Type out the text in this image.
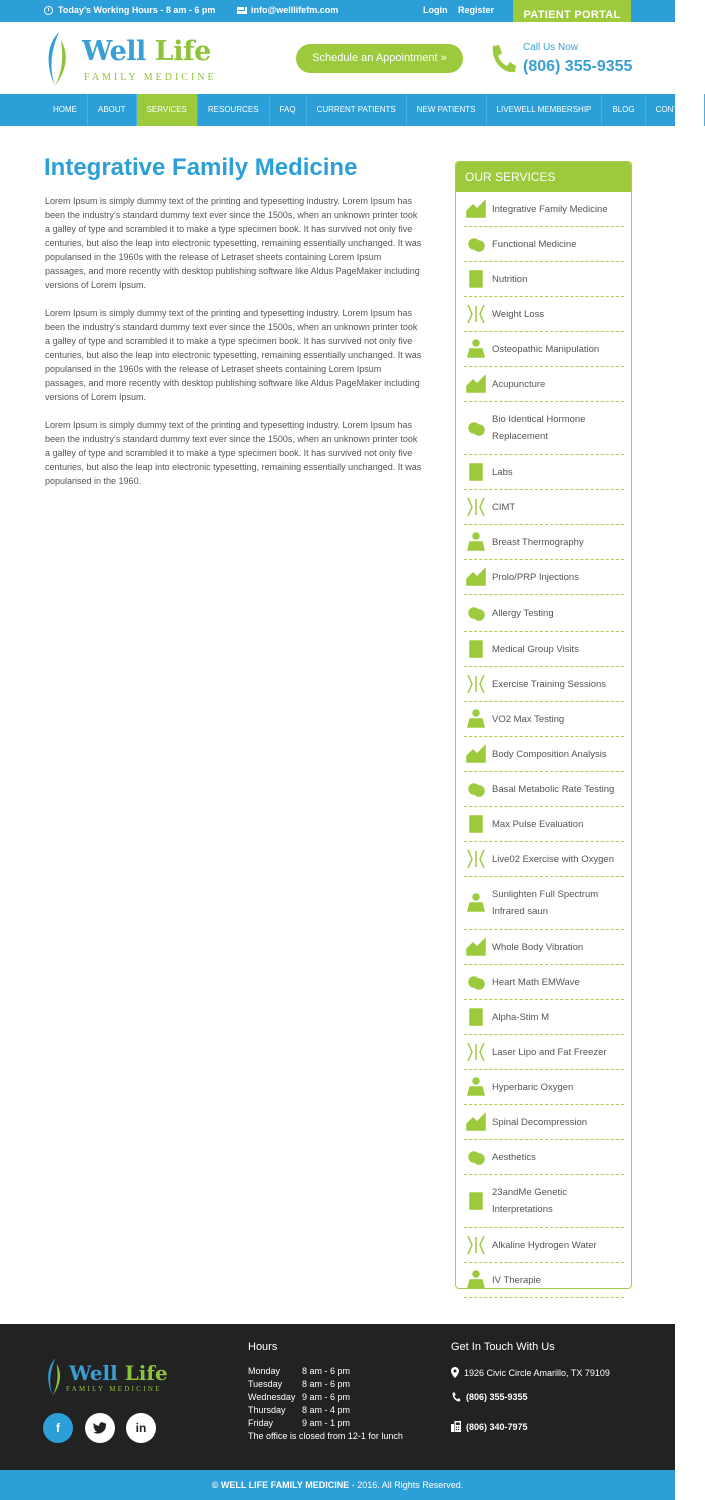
Today's Working Hours - 8 am - 6 pm	info@welllifefm.com	Login Register	PATIENT PORTAL
Well Life
FAMILY MEDICINE
Schedule an Appointment »
Call Us Now
(806) 355-9355
HOME	ABOUT	SERVICES	RESOURCES	FAQ	CURRENT PATIENTS	NEW PATIENTS	LIVEWELL MEMBERSHIP	BLOG	CONTACT
Integrative Family Medicine

Lorem Ipsum is simply dummy text of the printing and typesetting industry. Lorem Ipsum has been the industry's standard dummy text ever since the 1500s, when an unknown printer took a galley of type and scrambled it to make a type specimen book. It has survived not only five centuries, but also the leap into electronic typesetting, remaining essentially unchanged. It was popularised in the 1960s with the release of Letraset sheets containing Lorem Ipsum passages, and more recently with desktop publishing software like Aldus PageMaker including versions of Lorem Ipsum.

Lorem Ipsum is simply dummy text of the printing and typesetting industry. Lorem Ipsum has been the industry's standard dummy text ever since the 1500s, when an unknown printer took a galley of type and scrambled it to make a type specimen book. It has survived not only five centuries, but also the leap into electronic typesetting, remaining essentially unchanged. It was popularised in the 1960s with the release of Letraset sheets containing Lorem Ipsum passages, and more recently with desktop publishing software like Aldus PageMaker including versions of Lorem Ipsum.

Lorem Ipsum is simply dummy text of the printing and typesetting industry. Lorem Ipsum has been the industry's standard dummy text ever since the 1500s, when an unknown printer took a galley of type and scrambled it to make a type specimen book. It has survived not only five centuries, but also the leap into electronic typesetting, remaining essentially unchanged. It was popularised in the 1960.

OUR SERVICES
Integrative Family Medicine
Functional Medicine
Nutrition
Weight Loss
Osteopathic Manipulation
Acupuncture
Bio Identical Hormone Replacement
Labs
CIMT
Breast Thermography
Prolo/PRP Injections
Allergy Testing
Medical Group Visits
Exercise Training Sessions
VO2 Max Testing
Body Composition Analysis
Basal Metabolic Rate Testing
Max Pulse Evaluation
Live02 Exercise with Oxygen
Sunlighten Full Spectrum Infrared saun
Whole Body Vibration
Heart Math EMWave
Alpha-Stim M
Laser Lipo and Fat Freezer
Hyperbaric Oxygen
Spinal Decompression
Aesthetics
23andMe Genetic Interpretations
Alkaline Hydrogen Water
IV Therapie
Well Life
FAMILY MEDICINE
f	in
Hours
Monday 8 am - 6 pm
Tuesday 8 am - 6 pm
Wednesday 9 am - 6 pm
Thursday 8 am - 4 pm
Friday	9 am - 1 pm
The office is closed from 12-1 for lunch
Get In Touch With Us
1926 Civic Circle Amarillo, TX 79109
(806) 355-9355
(806) 340-7975
© WELL LIFE FAMILY MEDICINE - 2016. All Rights Reserved.
